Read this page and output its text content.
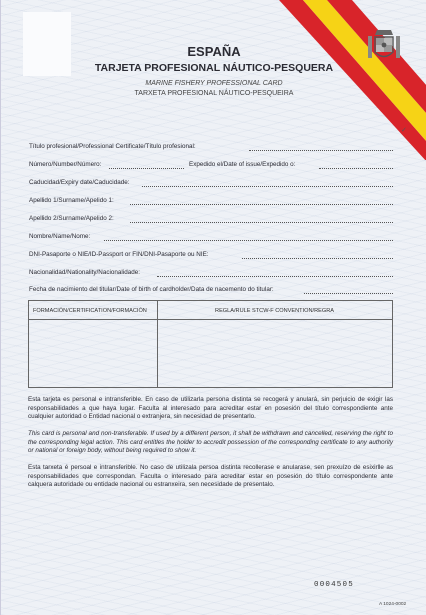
ESPAÑA
TARJETA PROFESIONAL NÁUTICO-PESQUERA
MARINE FISHERY PROFESSIONAL CARD
TARXETA PROFESIONAL NÁUTICO-PESQUEIRA
✓
Título profesional/Professional Certificate/Título profesional:
Número/Number/Número:	Expedido el/Date of issue/Expedido o:
Caducidad/Expiry date/Caducidade:
Apellido 1/Surname/Apelido 1:
Apellido 2/Surname/Apelido 2:
Nombre/Name/Nome:
DNI-Pasaporte o NIE/ID-Passport or FIN/DNI-Pasaporte ou NIE:
Nacionalidad/Nationality/Nacionalidade:
Fecha de nacimiento del titular/Date of birth of cardholder/Data de nacemento do titular:
FORMACIÓN/CERTIFICATION/FORMACIÓN	REGLA/RULE STCW-F CONVENTION/REGRA
Esta tarjeta es personal e intransferible. En caso de utilizarla persona distinta se recogerá y anulará, sin perjuicio de exigir las responsabilidades a que haya lugar. Faculta al interesado para acreditar estar en posesión del título correspondiente ante cualquier autoridad o Entidad nacional o extranjera, sin necesidad de presentarlo.
This card is personal and non-transferable. If used by a different person, it shall be withdrawn and cancelled, reserving the right to the corresponding legal action. This card entitles the holder to accredit possession of the corresponding certificate to any authority or national or foreign body, without being required to show it.
Esta tarxeta é persoal e intransferible. No caso de utilizala persoa distinta recollerase e anularase, sen prexuízo de esixirlle as responsabilidades que correspondan. Faculta o interesado para acreditar estar en posesión do título correspondente ante calquera autoridade ou entidade nacional ou estranxeira, sen necesidade de presentalo.
0004505
A 1024-0002
